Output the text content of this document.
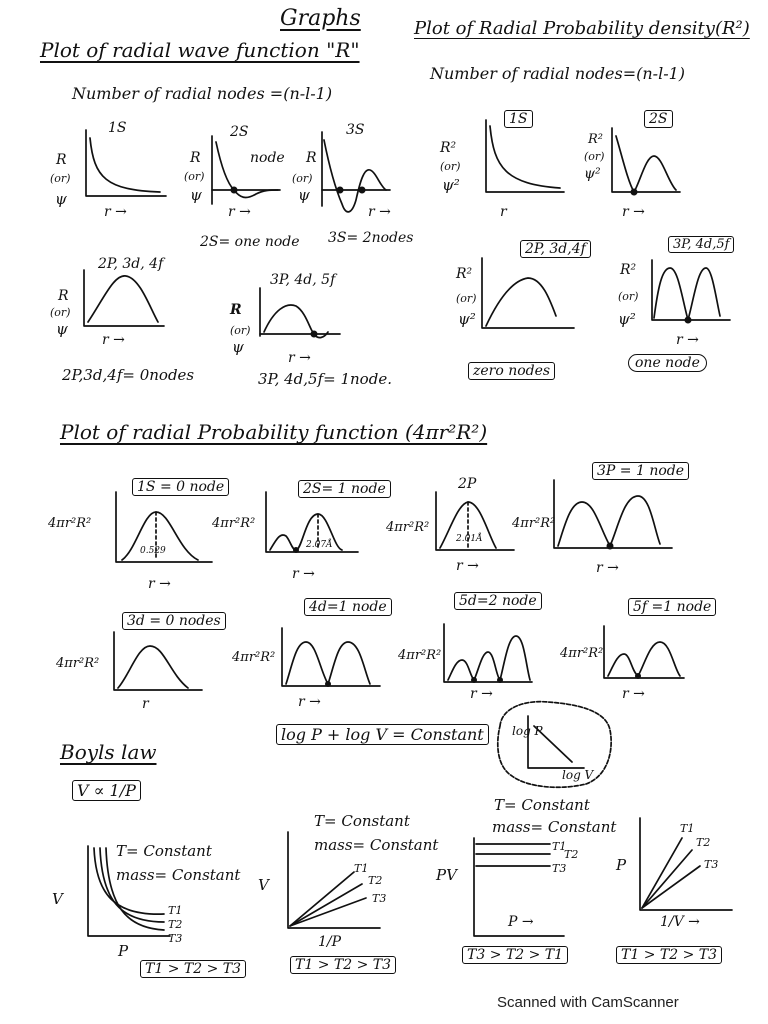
Graphs
Plot of radial wave function "R"
Number of radial nodes =(n-l-1)
1S
R
(or)
ψ
r →
2S
node
R
(or)
ψ
r →
3S
R
(or)
ψ
r →
2S= one node 3S= 2nodes
2P, 3d, 4f
R
(or)
ψ
r →
3P, 4d, 5f
R
(or)
ψ
r →
2P,3d,4f= 0nodes	3P, 4d,5f= 1node.
Plot of Radial Probability density(R²)
Number of radial nodes=(n-l-1)
1S
R²
(or)
ψ²
r
2S
R²
(or)
ψ²
r →
2P, 3d,4f
R²
(or)
ψ²
zero nodes
3P, 4d,5f
R²
(or)
ψ²
r →
one node
Plot of radial Probability function (4πr²R²)
1S = 0 node
4πr²R²
0.529
r →
2S= 1 node
4πr²R²
2.07Å
r →
2P
4πr²R²
2.01Å
r →
3P = 1 node
4πr²R²
r →
3d = 0 nodes
4πr²R²
r
4d=1 node
4πr²R²
r →
5d=2 node
4πr²R²
r →
5f =1 node
4πr²R²
r →
Boyls law
V ∝ 1/P
log P + log V = Constant	log P
log V
T= Constant
mass= Constant
V
T1
T2
T3
P
T1 > T2 > T3
T= Constant
mass= Constant
V
T1
T2
T3
1/P
T1 > T2 > T3
T= Constant
mass= Constant
PV
T1
T2
T3
P →
T3 > T2 > T1
P
T1
T2
T3
1/V →
T1 > T2 > T3
Scanned with CamScanner
